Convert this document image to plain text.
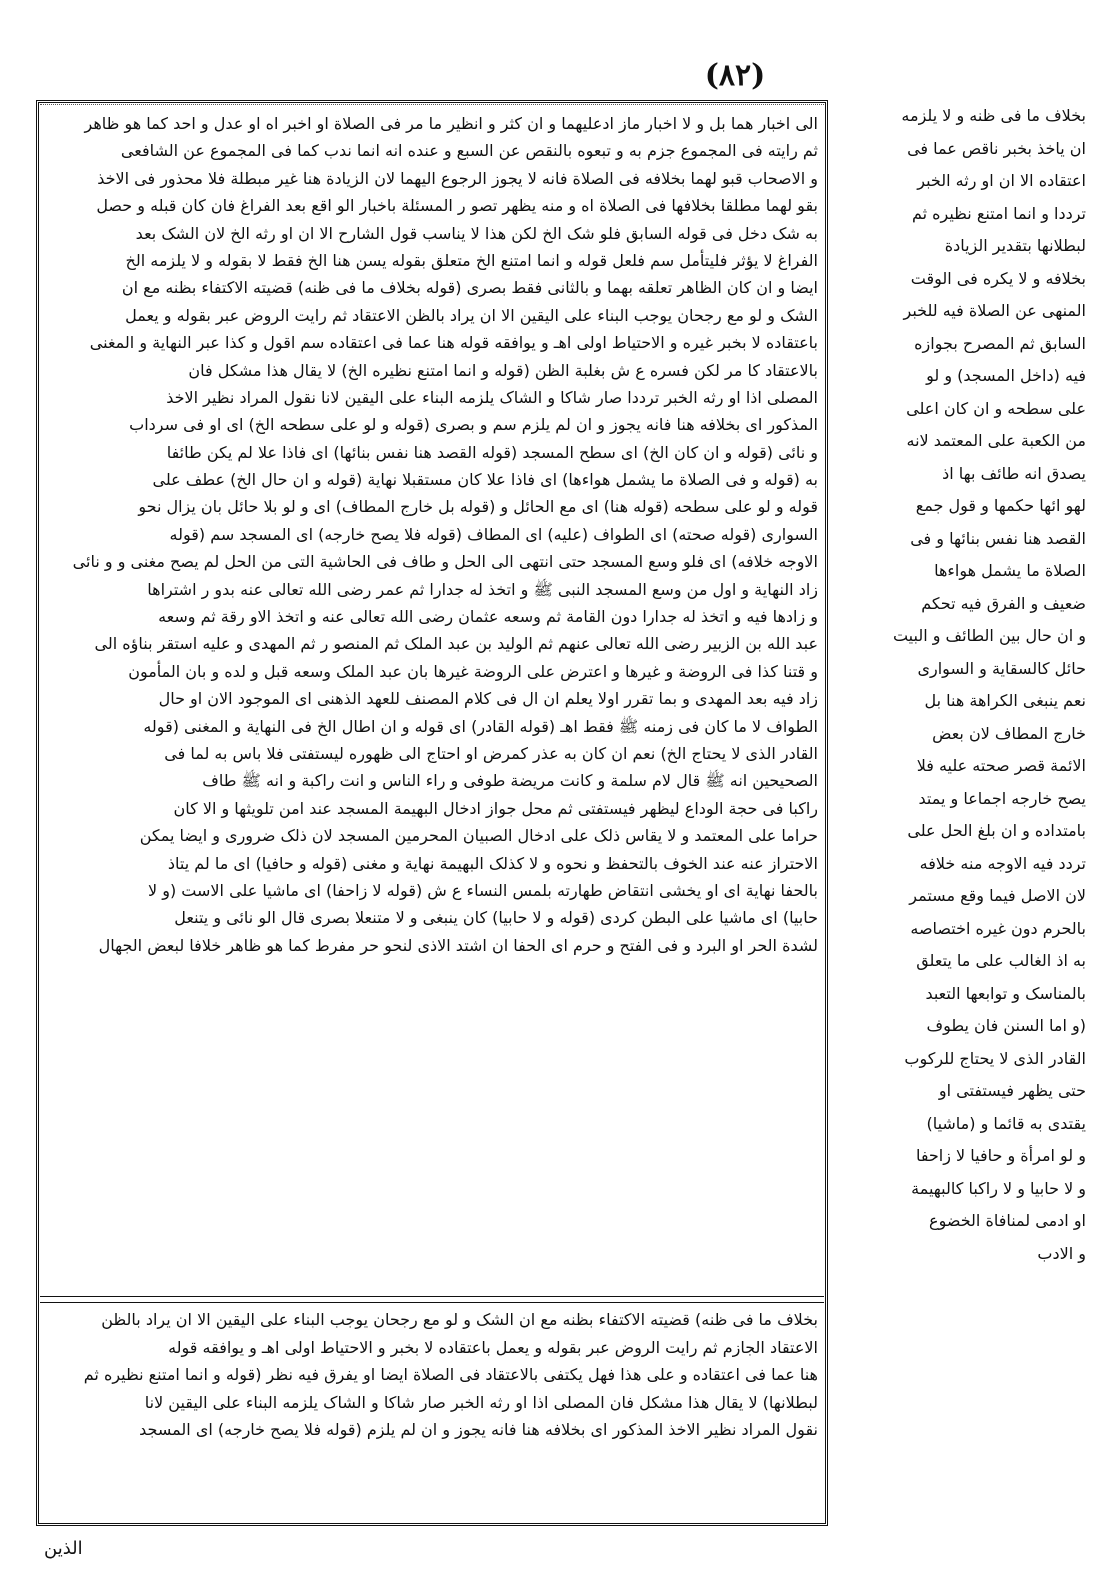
(۸۲)
الی اخبار هما بل و لا اخبار ماز ادعلیهما و ان کثر و انظیر ما مر فی الصلاة او اخبر اه او عدل و احد کما هو ظاهر
ثم رایته فی المجموع جزم به و تبعوه بالنقص عن السبع و عنده انه انما ندب کما فی المجموع عن الشافعی
و الاصحاب قبو لهما بخلافه فی الصلاة فانه لا یجوز الرجوع الیهما لان الزیادة هنا غیر مبطلة فلا محذور فی الاخذ
بقو لهما مطلقا بخلافها فی الصلاة اه و منه یظهر تصو ر المسئلة باخبار الو اقع بعد الفراغ فان کان قبله و حصل
به شک دخل فی قوله السابق فلو شک الخ لکن هذا لا یناسب قول الشارح الا ان او رثه الخ لان الشک بعد
الفراغ لا یؤثر فلیتأمل سم فلعل قوله و انما امتنع الخ متعلق بقوله یسن هنا الخ فقط لا بقوله و لا یلزمه الخ
ایضا و ان کان الظاهر تعلقه بهما و بالثانی فقط بصری (قوله بخلاف ما فی ظنه) قضیته الاکتفاء بظنه مع ان
الشک و لو مع رجحان یوجب البناء علی الیقین الا ان یراد بالظن الاعتقاد ثم رایت الروض عبر بقوله و یعمل
باعتقاده لا بخبر غیره و الاحتیاط اولی اهـ و یوافقه قوله هنا عما فی اعتقاده سم اقول و کذا عبر النهایة و المغنی
بالاعتقاد کا مر لکن فسره ع ش بغلبة الظن (قوله و انما امتنع نظیره الخ) لا یقال هذا مشکل فان
المصلی اذا او رثه الخبر ترددا صار شاکا و الشاک یلزمه البناء علی الیقین لانا نقول المراد نظیر الاخذ
المذکور ای بخلافه هنا فانه یجوز و ان لم یلزم سم و بصری (قوله و لو علی سطحه الخ) ای او فی سرداب
و نائی (قوله و ان کان الخ) ای سطح المسجد (قوله القصد هنا نفس بنائها) ای فاذا علا لم یکن طائفا
به (قوله و فی الصلاة ما یشمل هواءها) ای فاذا علا کان مستقبلا نهایة (قوله و ان حال الخ) عطف علی
قوله و لو علی سطحه (قوله هنا) ای مع الحائل و (قوله بل خارج المطاف) ای و لو بلا حائل بان یزال نحو
السواری (قوله صحته) ای الطواف (علیه) ای المطاف (قوله فلا یصح خارجه) ای المسجد سم (قوله
الاوجه خلافه) ای فلو وسع المسجد حتی انتهی الی الحل و طاف فی الحاشیة التی من الحل لم یصح مغنی و و نائی
زاد النهایة و اول من وسع المسجد النبی ﷺ و اتخذ له جدارا ثم عمر رضی الله تعالی عنه بدو ر اشتراها
و زادها فیه و اتخذ له جدارا دون القامة ثم وسعه عثمان رضی الله تعالی عنه و اتخذ الاو رقة ثم وسعه
عبد الله بن الزبیر رضی الله تعالی عنهم ثم الولید بن عبد الملک ثم المنصو ر ثم المهدی و علیه استقر بناؤه الی
و قتنا کذا فی الروضة و غیرها و اعترض علی الروضة غیرها بان عبد الملک وسعه قبل و لده و بان المأمون
زاد فیه بعد المهدی و بما تقرر اولا یعلم ان ال فی کلام المصنف للعهد الذهنی ای الموجود الان او حال
الطواف لا ما کان فی زمنه ﷺ فقط اهـ (قوله القادر) ای قوله و ان اطال الخ فی النهایة و المغنی (قوله
القادر الذی لا یحتاج الخ) نعم ان کان به عذر کمرض او احتاج الی ظهوره لیستفتی فلا باس به لما فی
الصحیحین انه ﷺ قال لام سلمة و کانت مریضة طوفی و راء الناس و انت راکبة و انه ﷺ طاف
راکبا فی حجة الوداع لیظهر فیستفتی ثم محل جواز ادخال البهیمة المسجد عند امن تلویثها و الا کان
حراما علی المعتمد و لا یقاس ذلک علی ادخال الصبیان المحرمین المسجد لان ذلک ضروری و ایضا یمکن
الاحتراز عنه عند الخوف بالتحفظ و نحوه و لا کذلک البهیمة نهایة و مغنی (قوله و حافیا) ای ما لم یتاذ
بالحفا نهایة ای او یخشی انتقاض طهارته بلمس النساء ع ش (قوله لا زاحفا) ای ماشیا علی الاست (و لا
حابیا) ای ماشیا علی البطن کردی (قوله و لا حابیا) کان ینبغی و لا متنعلا بصری قال الو نائی و یتنعل
لشدة الحر او البرد و فی الفتح و حرم ای الحفا ان اشتد الاذی لنحو حر مفرط کما هو ظاهر خلافا لبعض الجهال
بخلاف ما فی ظنه) قضیته الاکتفاء بظنه مع ان الشک و لو مع رجحان یوجب البناء علی الیقین الا ان یراد بالظن
الاعتقاد الجازم ثم رایت الروض عبر بقوله و یعمل باعتقاده لا بخبر و الاحتیاط اولی اهـ و یوافقه قوله
هنا عما فی اعتقاده و علی هذا فهل یکتفی بالاعتقاد فی الصلاة ایضا او یفرق فیه نظر (قوله و انما امتنع نظیره ثم
لبطلانها) لا یقال هذا مشکل فان المصلی اذا او رثه الخبر صار شاکا و الشاک یلزمه البناء علی الیقین لانا
نقول المراد نظیر الاخذ المذکور ای بخلافه هنا فانه یجوز و ان لم یلزم (قوله فلا یصح خارجه) ای المسجد
بخلاف ما فی ظنه و لا یلزمه
ان یاخذ بخبر ناقص عما فی
اعتقاده الا ان او رثه الخبر
ترددا و انما امتنع نظیره ثم
لبطلانها بتقدیر الزیادة
بخلافه و لا یکره فی الوقت
المنهی عن الصلاة فیه للخبر
السابق ثم المصرح بجوازه
فیه (داخل المسجد) و لو
علی سطحه و ان کان اعلی
من الکعبة علی المعتمد لانه
یصدق انه طائف بها اذ
لهو ائها حکمها و قول جمع
القصد هنا نفس بنائها و فی
الصلاة ما یشمل هواءها
ضعیف و الفرق فیه تحکم
و ان حال بین الطائف و البیت
حائل کالسقایة و السواری
نعم ینبغی الکراهة هنا بل
خارج المطاف لان بعض
الائمة قصر صحته علیه فلا
یصح خارجه اجماعا و یمتد
بامتداده و ان بلغ الحل علی
تردد فیه الاوجه منه خلافه
لان الاصل فیما وقع مستمر
بالحرم دون غیره اختصاصه
به اذ الغالب علی ما یتعلق
بالمناسک و توابعها التعبد
(و اما السنن فان یطوف
القادر الذی لا یحتاج للرکوب
حتی یظهر فیستفتی او
یقتدی به قائما و (ماشیا)
و لو امرأة و حافیا لا زاحفا
و لا حابیا و لا راکبا کالبهیمة
او ادمی لمنافاة الخضوع
و الادب
الذین
